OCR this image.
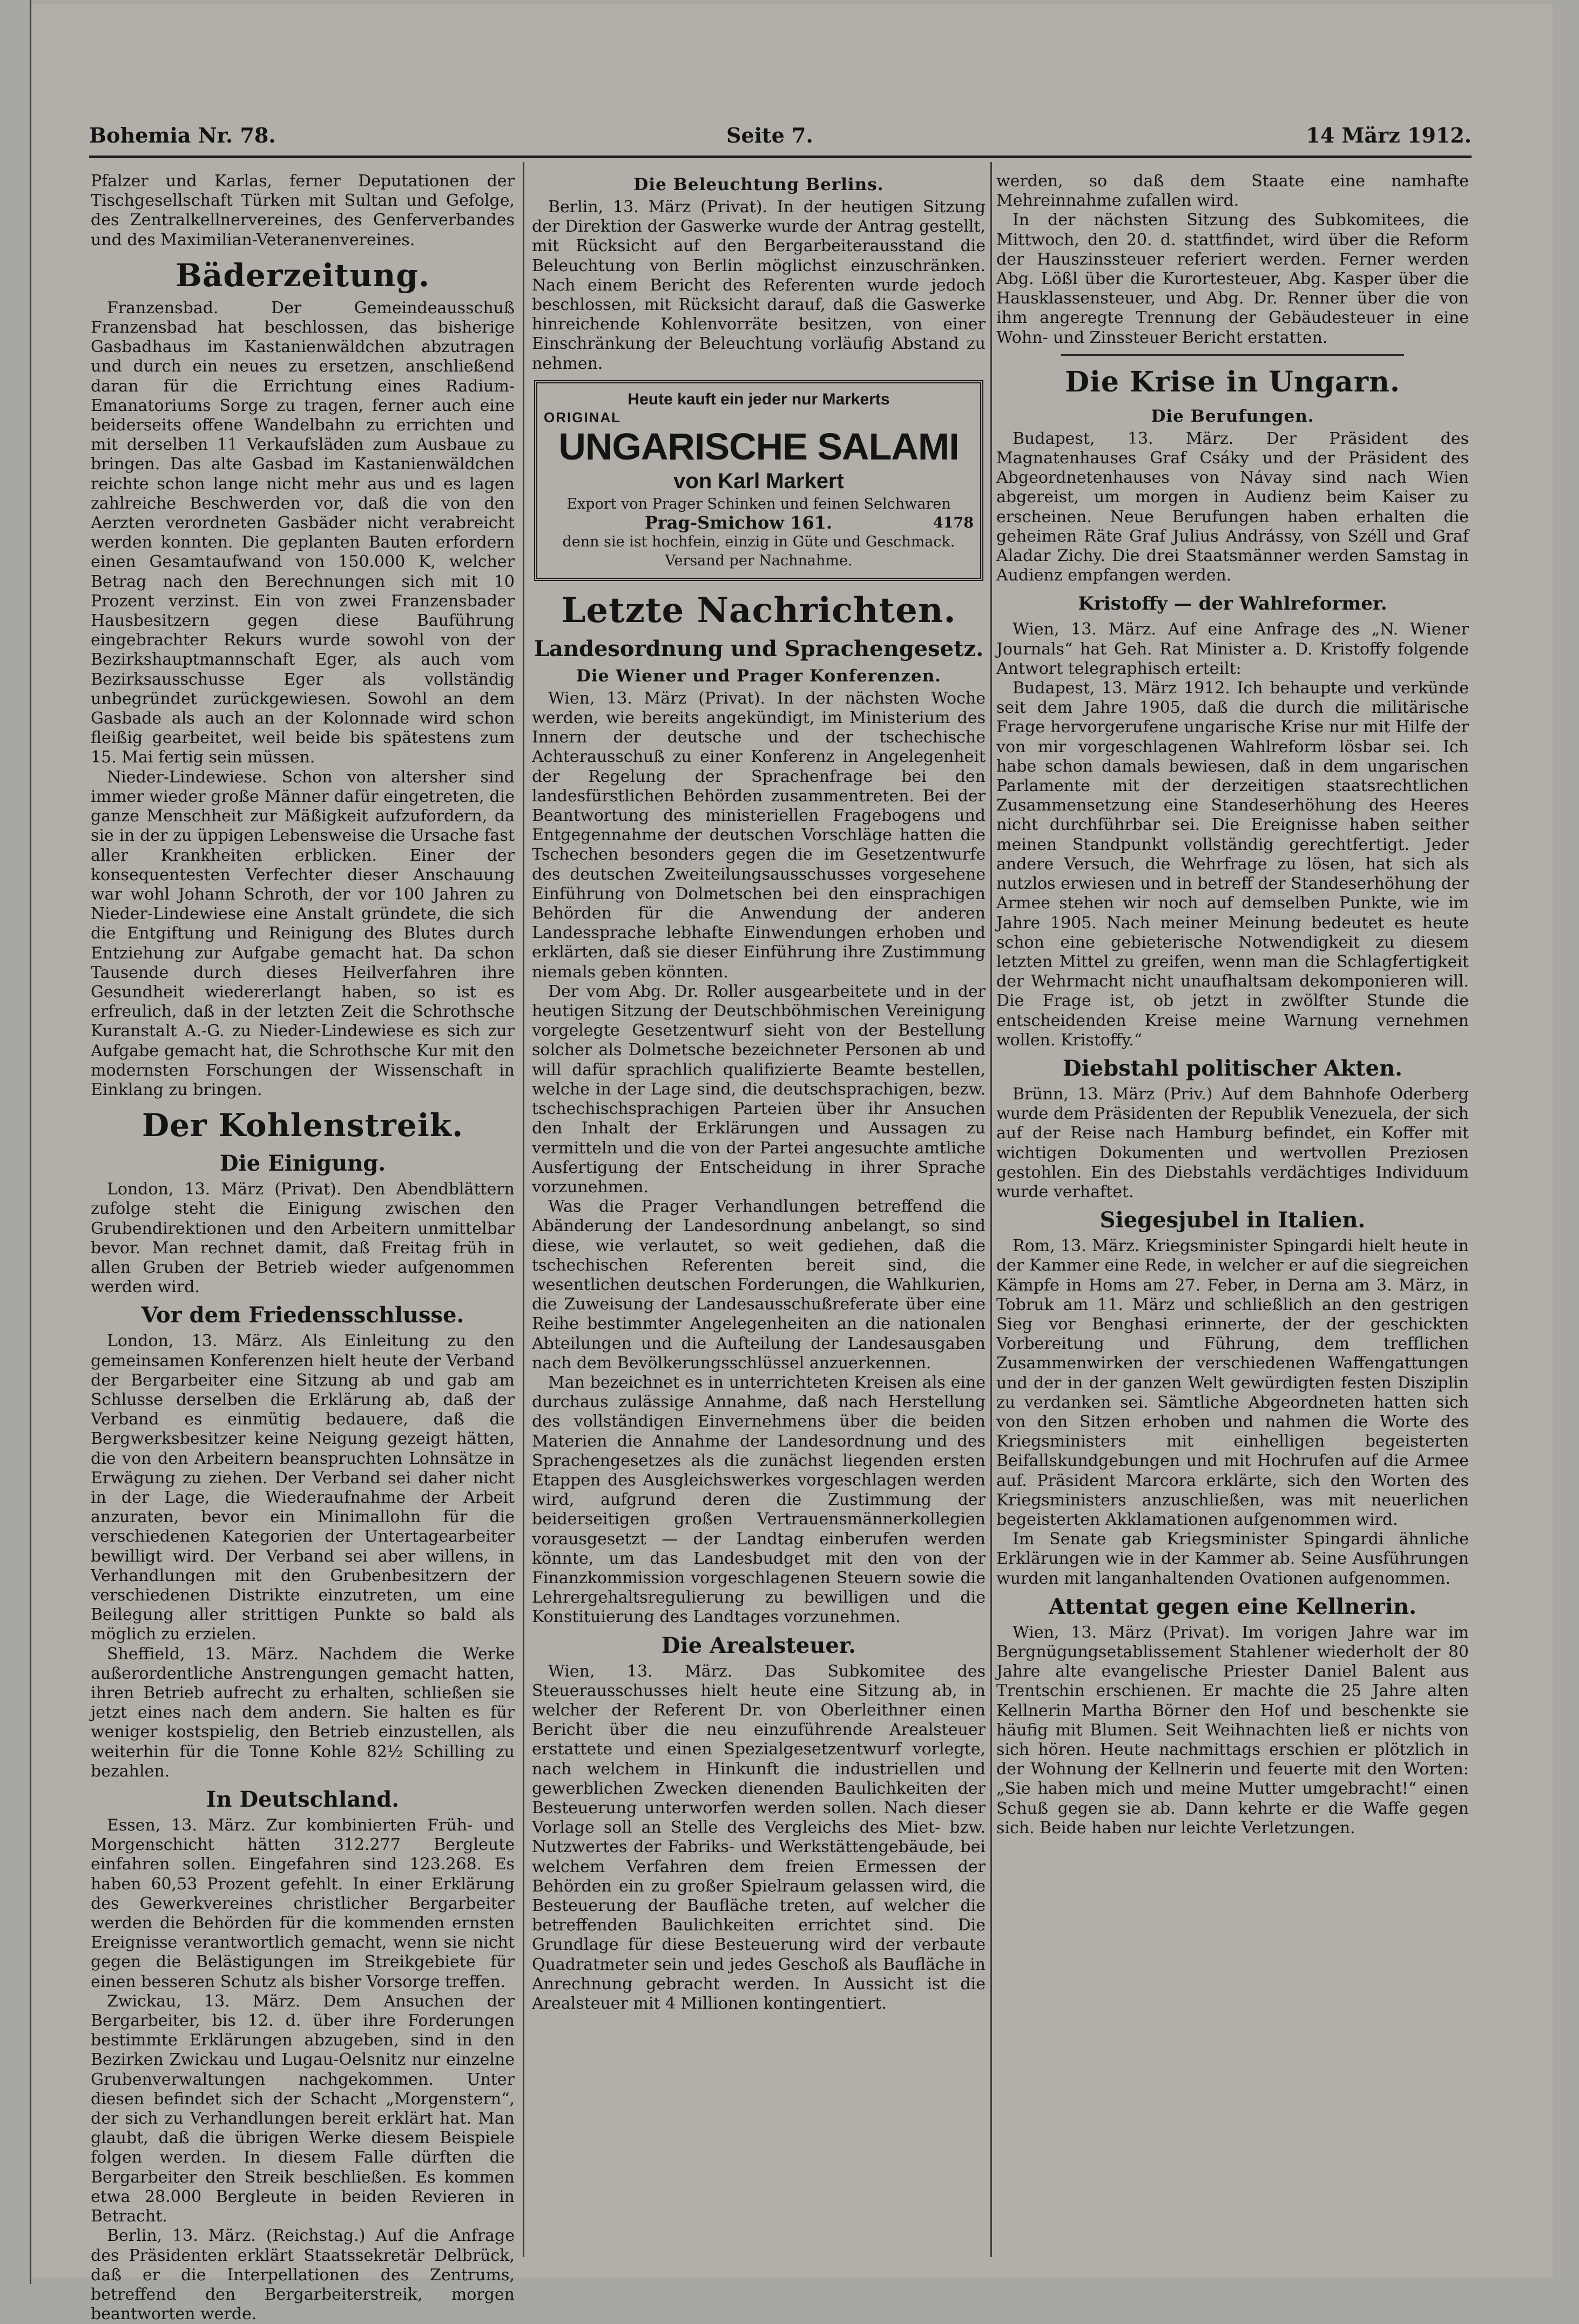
Bohemia Nr. 78.	Seite 7.	14 März 1912.

Pfalzer und Karlas, ferner Deputationen der Tischgesellschaft Türken mit Sultan und Gefolge, des Zentralkellnervereines, des Genferverbandes und des Maximilian-Veteranenvereines.

Bäderzeitung.

Franzensbad. Der Gemeindeausschuß Franzensbad hat beschlossen, das bisherige Gasbadhaus im Kastanienwäldchen abzutragen und durch ein neues zu ersetzen, anschließend daran für die Errichtung eines Radium-Emanatoriums Sorge zu tragen, ferner auch eine beiderseits offene Wandelbahn zu errichten und mit derselben 11 Verkaufsläden zum Ausbaue zu bringen. Das alte Gasbad im Kastanienwäldchen reichte schon lange nicht mehr aus und es lagen zahlreiche Beschwerden vor, daß die von den Aerzten verordneten Gasbäder nicht verabreicht werden konnten. Die geplanten Bauten erfordern einen Gesamtaufwand von 150.000 K, welcher Betrag nach den Berechnungen sich mit 10 Prozent verzinst. Ein von zwei Franzensbader Hausbesitzern gegen diese Bauführung eingebrachter Rekurs wurde sowohl von der Bezirkshauptmannschaft Eger, als auch vom Bezirksausschusse Eger als vollständig unbegründet zurückgewiesen. Sowohl an dem Gasbade als auch an der Kolonnade wird schon fleißig gearbeitet, weil beide bis spätestens zum 15. Mai fertig sein müssen.

Nieder-Lindewiese. Schon von altersher sind immer wieder große Männer dafür eingetreten, die ganze Menschheit zur Mäßigkeit aufzufordern, da sie in der zu üppigen Lebensweise die Ursache fast aller Krankheiten erblicken. Einer der konsequentesten Verfechter dieser Anschauung war wohl Johann Schroth, der vor 100 Jahren zu Nieder-Lindewiese eine Anstalt gründete, die sich die Entgiftung und Reinigung des Blutes durch Entziehung zur Aufgabe gemacht hat. Da schon Tausende durch dieses Heilverfahren ihre Gesundheit wiedererlangt haben, so ist es erfreulich, daß in der letzten Zeit die Schrothsche Kuranstalt A.-G. zu Nieder-Lindewiese es sich zur Aufgabe gemacht hat, die Schrothsche Kur mit den modernsten Forschungen der Wissenschaft in Einklang zu bringen.

Der Kohlenstreik.
Die Einigung.

London, 13. März (Privat). Den Abendblättern zufolge steht die Einigung zwischen den Grubendirektionen und den Arbeitern unmittelbar bevor. Man rechnet damit, daß Freitag früh in allen Gruben der Betrieb wieder aufgenommen werden wird.

Vor dem Friedensschlusse.

London, 13. März. Als Einleitung zu den gemeinsamen Konferenzen hielt heute der Verband der Bergarbeiter eine Sitzung ab und gab am Schlusse derselben die Erklärung ab, daß der Verband es einmütig bedauere, daß die Bergwerksbesitzer keine Neigung gezeigt hätten, die von den Arbeitern beanspruchten Lohnsätze in Erwägung zu ziehen. Der Verband sei daher nicht in der Lage, die Wiederaufnahme der Arbeit anzuraten, bevor ein Minimallohn für die verschiedenen Kategorien der Untertagearbeiter bewilligt wird. Der Verband sei aber willens, in Verhandlungen mit den Grubenbesitzern der verschiedenen Distrikte einzutreten, um eine Beilegung aller strittigen Punkte so bald als möglich zu erzielen.

Sheffield, 13. März. Nachdem die Werke außerordentliche Anstrengungen gemacht hatten, ihren Betrieb aufrecht zu erhalten, schließen sie jetzt eines nach dem andern. Sie halten es für weniger kostspielig, den Betrieb einzustellen, als weiterhin für die Tonne Kohle 82½ Schilling zu bezahlen.

In Deutschland.

Essen, 13. März. Zur kombinierten Früh- und Morgenschicht hätten 312.277 Bergleute einfahren sollen. Eingefahren sind 123.268. Es haben 60,53 Prozent gefehlt. In einer Erklärung des Gewerkvereines christlicher Bergarbeiter werden die Behörden für die kommenden ernsten Ereignisse verantwortlich gemacht, wenn sie nicht gegen die Belästigungen im Streikgebiete für einen besseren Schutz als bisher Vorsorge treffen.

Zwickau, 13. März. Dem Ansuchen der Bergarbeiter, bis 12. d. über ihre Forderungen bestimmte Erklärungen abzugeben, sind in den Bezirken Zwickau und Lugau-Oelsnitz nur einzelne Grubenverwaltungen nachgekommen. Unter diesen befindet sich der Schacht „Morgenstern“, der sich zu Verhandlungen bereit erklärt hat. Man glaubt, daß die übrigen Werke diesem Beispiele folgen werden. In diesem Falle dürften die Bergarbeiter den Streik beschließen. Es kommen etwa 28.000 Bergleute in beiden Revieren in Betracht.

Berlin, 13. März. (Reichstag.) Auf die Anfrage des Präsidenten erklärt Staatssekretär Delbrück, daß er die Interpellationen des Zentrums, betreffend den Bergarbeiterstreik, morgen beantworten werde.

Die Beleuchtung Berlins.

Berlin, 13. März (Privat). In der heutigen Sitzung der Direktion der Gaswerke wurde der Antrag gestellt, mit Rücksicht auf den Bergarbeiterausstand die Beleuchtung von Berlin möglichst einzuschränken. Nach einem Bericht des Referenten wurde jedoch beschlossen, mit Rücksicht darauf, daß die Gaswerke hinreichende Kohlenvorräte besitzen, von einer Einschränkung der Beleuchtung vorläufig Abstand zu nehmen.

Heute kauft ein jeder nur Markerts
ORIGINAL
UNGARISCHE SALAMI
von Karl Markert
Export von Prager Schinken und feinen Selchwaren
Prag-Smichow 161.	4178
denn sie ist hochfein, einzig in Güte und Geschmack. Versand per Nachnahme.
Letzte Nachrichten.
Landesordnung und Sprachengesetz.
Die Wiener und Prager Konferenzen.

Wien, 13. März (Privat). In der nächsten Woche werden, wie bereits angekündigt, im Ministerium des Innern der deutsche und der tschechische Achterausschuß zu einer Konferenz in Angelegenheit der Regelung der Sprachenfrage bei den landesfürstlichen Behörden zusammentreten. Bei der Beantwortung des ministeriellen Fragebogens und Entgegennahme der deutschen Vorschläge hatten die Tschechen besonders gegen die im Gesetzentwurfe des deutschen Zweiteilungsausschusses vorgesehene Einführung von Dolmetschen bei den einsprachigen Behörden für die Anwendung der anderen Landessprache lebhafte Einwendungen erhoben und erklärten, daß sie dieser Einführung ihre Zustimmung niemals geben könnten.

Der vom Abg. Dr. Roller ausgearbeitete und in der heutigen Sitzung der Deutschböhmischen Vereinigung vorgelegte Gesetzentwurf sieht von der Bestellung solcher als Dolmetsche bezeichneter Personen ab und will dafür sprachlich qualifizierte Beamte bestellen, welche in der Lage sind, die deutschsprachigen, bezw. tschechischsprachigen Parteien über ihr Ansuchen den Inhalt der Erklärungen und Aussagen zu vermitteln und die von der Partei angesuchte amtliche Ausfertigung der Entscheidung in ihrer Sprache vorzunehmen.

Was die Prager Verhandlungen betreffend die Abänderung der Landesordnung anbelangt, so sind diese, wie verlautet, so weit gediehen, daß die tschechischen Referenten bereit sind, die wesentlichen deutschen Forderungen, die Wahlkurien, die Zuweisung der Landesausschußreferate über eine Reihe bestimmter Angelegenheiten an die nationalen Abteilungen und die Aufteilung der Landesausgaben nach dem Bevölkerungsschlüssel anzuerkennen.

Man bezeichnet es in unterrichteten Kreisen als eine durchaus zulässige Annahme, daß nach Herstellung des vollständigen Einvernehmens über die beiden Materien die Annahme der Landesordnung und des Sprachengesetzes als die zunächst liegenden ersten Etappen des Ausgleichswerkes vorgeschlagen werden wird, aufgrund deren die Zustimmung der beiderseitigen großen Vertrauensmännerkollegien vorausgesetzt — der Landtag einberufen werden könnte, um das Landesbudget mit den von der Finanzkommission vorgeschlagenen Steuern sowie die Lehrergehaltsregulierung zu bewilligen und die Konstituierung des Landtages vorzunehmen.

Die Arealsteuer.

Wien, 13. März. Das Subkomitee des Steuerausschusses hielt heute eine Sitzung ab, in welcher der Referent Dr. von Oberleithner einen Bericht über die neu einzuführende Arealsteuer erstattete und einen Spezialgesetzentwurf vorlegte, nach welchem in Hinkunft die industriellen und gewerblichen Zwecken dienenden Baulichkeiten der Besteuerung unterworfen werden sollen. Nach dieser Vorlage soll an Stelle des Vergleichs des Miet- bzw. Nutzwertes der Fabriks- und Werkstättengebäude, bei welchem Verfahren dem freien Ermessen der Behörden ein zu großer Spielraum gelassen wird, die Besteuerung der Baufläche treten, auf welcher die betreffenden Baulichkeiten errichtet sind. Die Grundlage für diese Besteuerung wird der verbaute Quadratmeter sein und jedes Geschoß als Baufläche in Anrechnung gebracht werden. In Aussicht ist die Arealsteuer mit 4 Millionen kontingentiert.

werden, so daß dem Staate eine namhafte Mehreinnahme zufallen wird.

In der nächsten Sitzung des Subkomitees, die Mittwoch, den 20. d. stattfindet, wird über die Reform der Hauszinssteuer referiert werden. Ferner werden Abg. Lößl über die Kurortesteuer, Abg. Kasper über die Hausklassensteuer, und Abg. Dr. Renner über die von ihm angeregte Trennung der Gebäudesteuer in eine Wohn- und Zinssteuer Bericht erstatten.

Die Krise in Ungarn.
Die Berufungen.

Budapest, 13. März. Der Präsident des Magnatenhauses Graf Csáky und der Präsident des Abgeordnetenhauses von Návay sind nach Wien abgereist, um morgen in Audienz beim Kaiser zu erscheinen. Neue Berufungen haben erhalten die geheimen Räte Graf Julius Andrássy, von Széll und Graf Aladar Zichy. Die drei Staatsmänner werden Samstag in Audienz empfangen werden.

Kristoffy — der Wahlreformer.

Wien, 13. März. Auf eine Anfrage des „N. Wiener Journals“ hat Geh. Rat Minister a. D. Kristoffy folgende Antwort telegraphisch erteilt:

Budapest, 13. März 1912. Ich behaupte und verkünde seit dem Jahre 1905, daß die durch die militärische Frage hervorgerufene ungarische Krise nur mit Hilfe der von mir vorgeschlagenen Wahlreform lösbar sei. Ich habe schon damals bewiesen, daß in dem ungarischen Parlamente mit der derzeitigen staatsrechtlichen Zusammensetzung eine Standeserhöhung des Heeres nicht durchführbar sei. Die Ereignisse haben seither meinen Standpunkt vollständig gerechtfertigt. Jeder andere Versuch, die Wehrfrage zu lösen, hat sich als nutzlos erwiesen und in betreff der Standeserhöhung der Armee stehen wir noch auf demselben Punkte, wie im Jahre 1905. Nach meiner Meinung bedeutet es heute schon eine gebieterische Notwendigkeit zu diesem letzten Mittel zu greifen, wenn man die Schlagfertigkeit der Wehrmacht nicht unaufhaltsam dekomponieren will. Die Frage ist, ob jetzt in zwölfter Stunde die entscheidenden Kreise meine Warnung vernehmen wollen. Kristoffy.“

Diebstahl politischer Akten.

Brünn, 13. März (Priv.) Auf dem Bahnhofe Oderberg wurde dem Präsidenten der Republik Venezuela, der sich auf der Reise nach Hamburg befindet, ein Koffer mit wichtigen Dokumenten und wertvollen Preziosen gestohlen. Ein des Diebstahls verdächtiges Individuum wurde verhaftet.

Siegesjubel in Italien.

Rom, 13. März. Kriegsminister Spingardi hielt heute in der Kammer eine Rede, in welcher er auf die siegreichen Kämpfe in Homs am 27. Feber, in Derna am 3. März, in Tobruk am 11. März und schließlich an den gestrigen Sieg vor Benghasi erinnerte, der der geschickten Vorbereitung und Führung, dem trefflichen Zusammenwirken der verschiedenen Waffengattungen und der in der ganzen Welt gewürdigten festen Disziplin zu verdanken sei. Sämtliche Abgeordneten hatten sich von den Sitzen erhoben und nahmen die Worte des Kriegsministers mit einhelligen begeisterten Beifallskundgebungen und mit Hochrufen auf die Armee auf. Präsident Marcora erklärte, sich den Worten des Kriegsministers anzuschließen, was mit neuerlichen begeisterten Akklamationen aufgenommen wird.

Im Senate gab Kriegsminister Spingardi ähnliche Erklärungen wie in der Kammer ab. Seine Ausführungen wurden mit langanhaltenden Ovationen aufgenommen.

Attentat gegen eine Kellnerin.

Wien, 13. März (Privat). Im vorigen Jahre war im Bergnügungsetablissement Stahlener wiederholt der 80 Jahre alte evangelische Priester Daniel Balent aus Trentschin erschienen. Er machte die 25 Jahre alten Kellnerin Martha Börner den Hof und beschenkte sie häufig mit Blumen. Seit Weihnachten ließ er nichts von sich hören. Heute nachmittags erschien er plötzlich in der Wohnung der Kellnerin und feuerte mit den Worten: „Sie haben mich und meine Mutter umgebracht!“ einen Schuß gegen sie ab. Dann kehrte er die Waffe gegen sich. Beide haben nur leichte Verletzungen.
